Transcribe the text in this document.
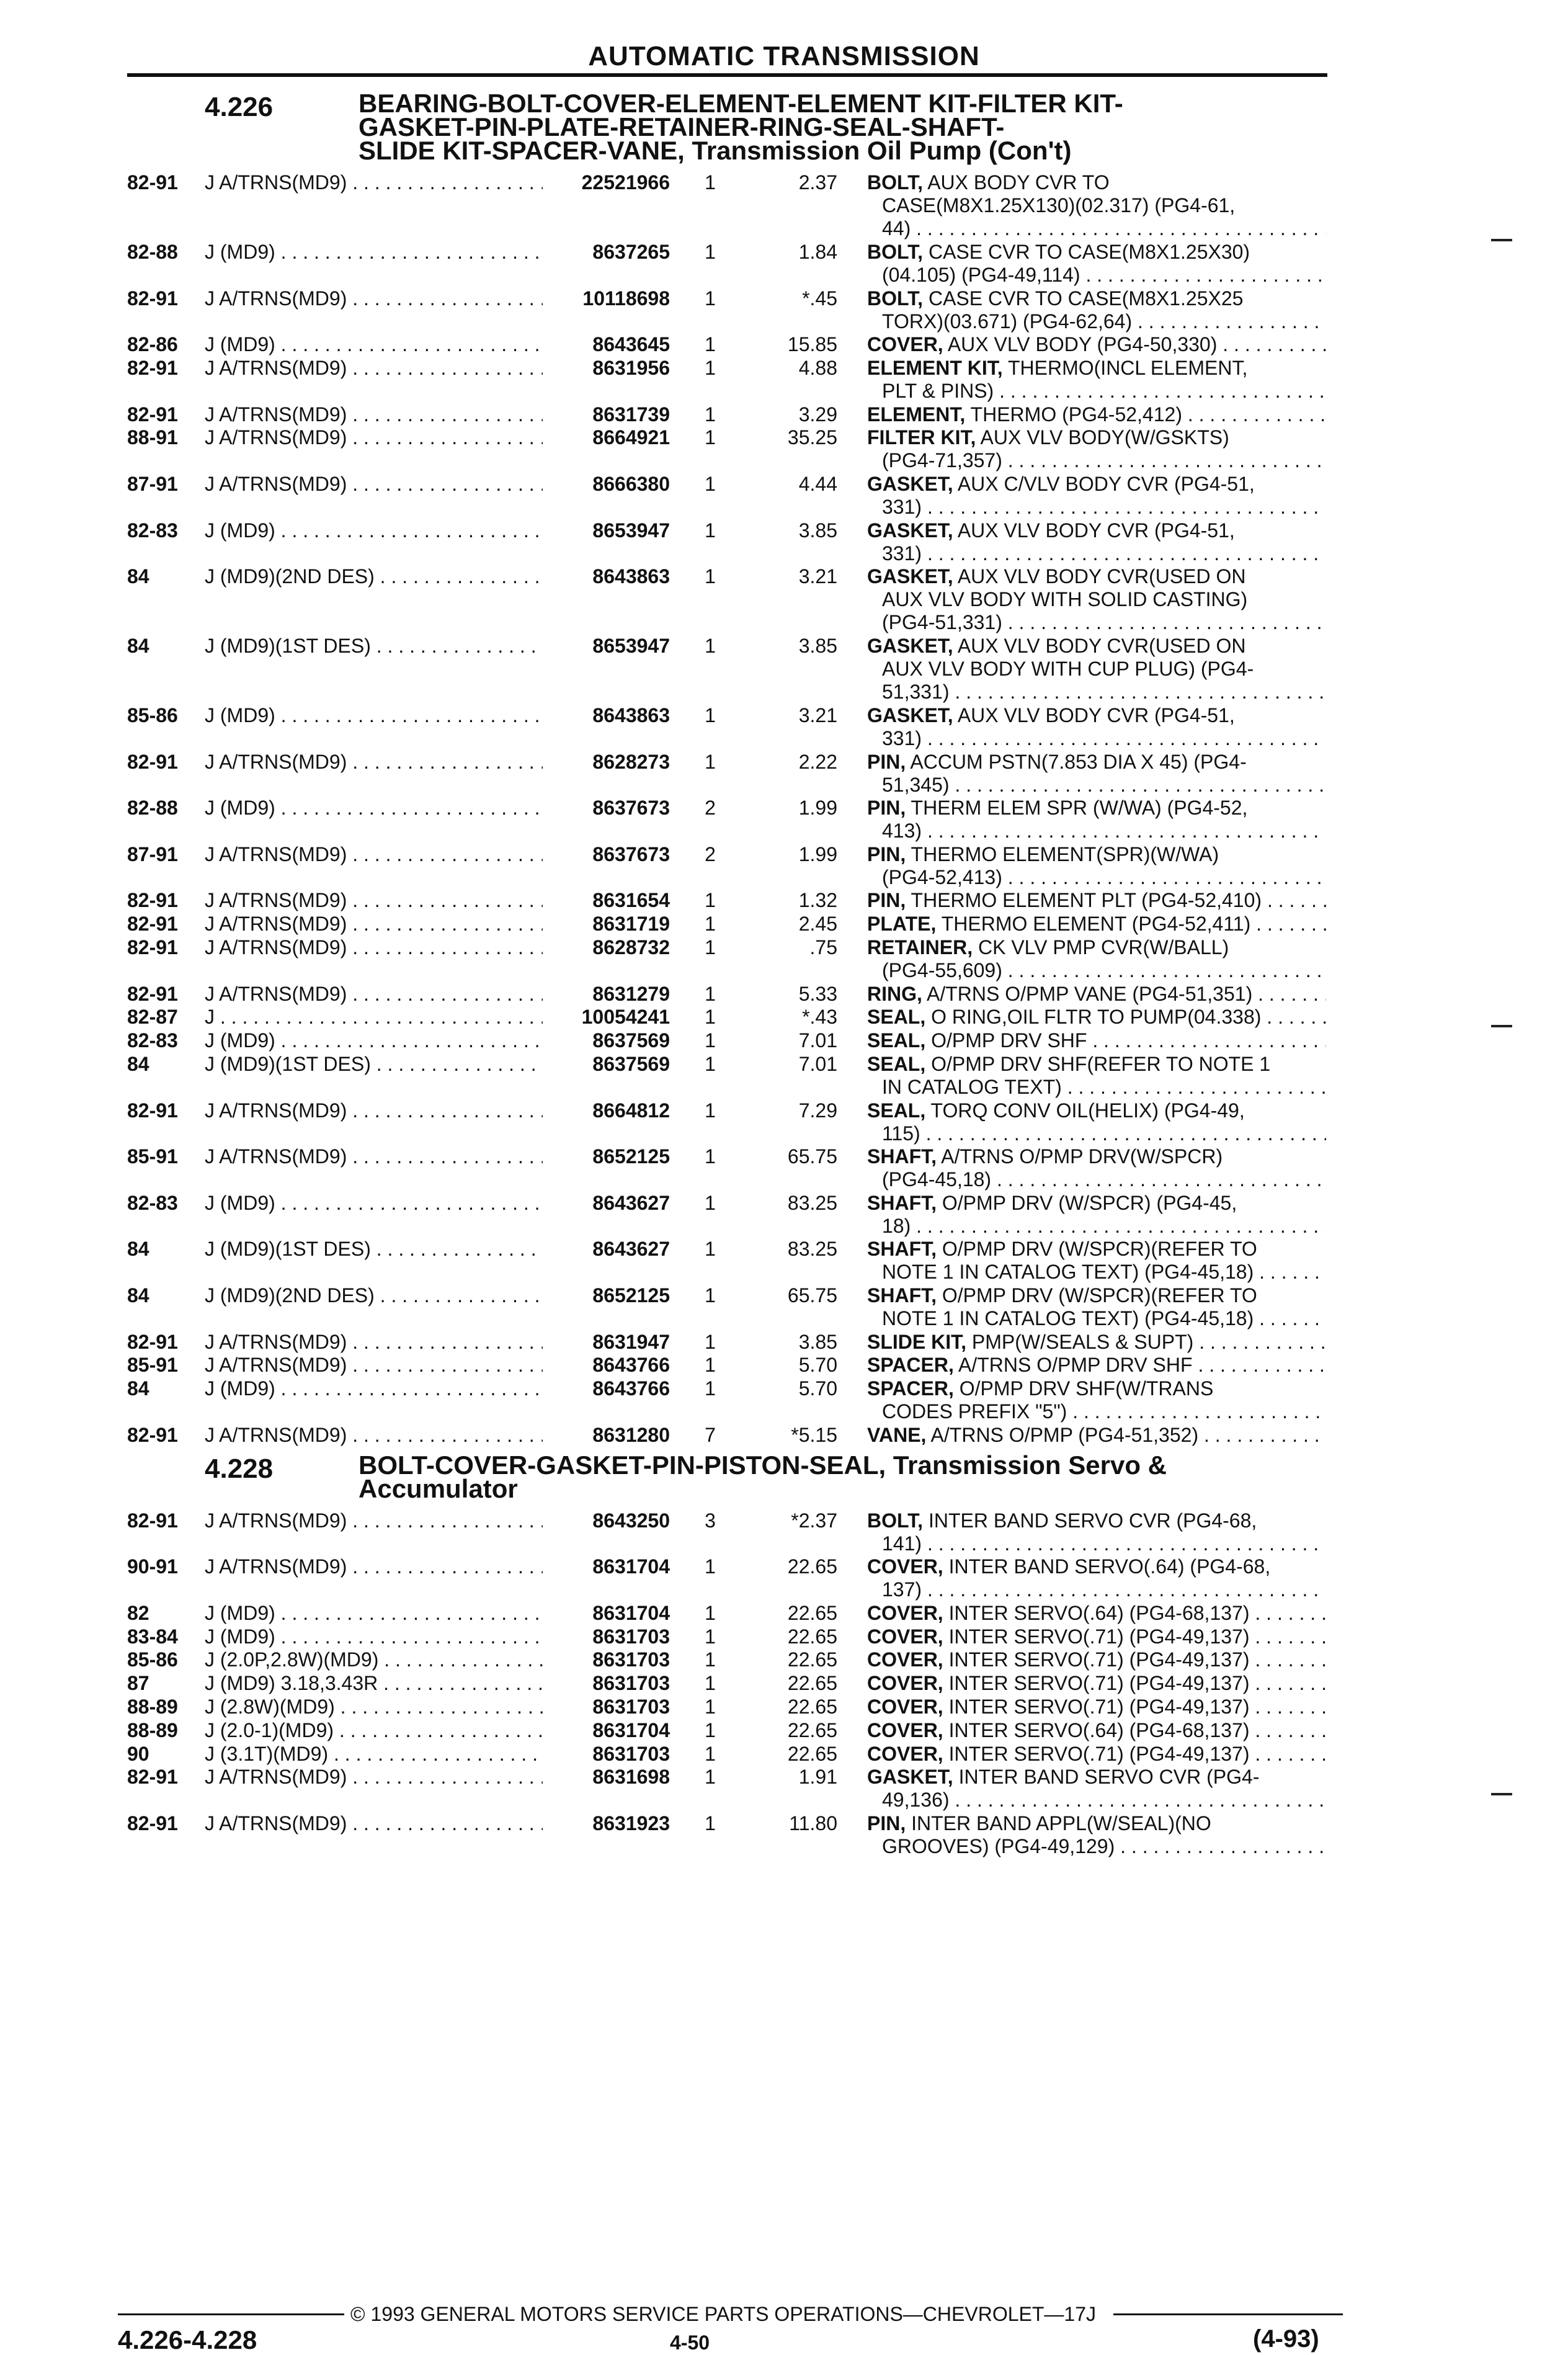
AUTOMATIC TRANSMISSION
4.226	BEARING-BOLT-COVER-ELEMENT-ELEMENT KIT-FILTER KIT-
GASKET-PIN-PLATE-RETAINER-RING-SEAL-SHAFT-
SLIDE KIT-SPACER-VANE, Transmission Oil Pump (Con't)
82-91 J A/TRNS(MD9) . . .	22521966	1	2.37 BOLT, AUX BODY CVR TO
CASE(M8X1.25X130)(02.317) (PG4-61,
44) . . .
82-88 J (MD9) . . .	8637265	1	1.84 BOLT, CASE CVR TO CASE(M8X1.25X30)
(04.105) (PG4-49,114) . . .
82-91 J A/TRNS(MD9) . . .	10118698	1	*.45 BOLT, CASE CVR TO CASE(M8X1.25X25
TORX)(03.671) (PG4-62,64) . . .
82-86 J (MD9) . . .	8643645	1	15.85 COVER, AUX VLV BODY (PG4-50,330) . . .
82-91 J A/TRNS(MD9) . . .	8631956	1	4.88 ELEMENT KIT, THERMO(INCL ELEMENT,
PLT & PINS) . . .
82-91 J A/TRNS(MD9) . . .	8631739	1	3.29 ELEMENT, THERMO (PG4-52,412) . . .
88-91 J A/TRNS(MD9) . . .	8664921	1	35.25 FILTER KIT, AUX VLV BODY(W/GSKTS)
(PG4-71,357) . . .
87-91 J A/TRNS(MD9) . . .	8666380	1	4.44 GASKET, AUX C/VLV BODY CVR (PG4-51,
331) . . .
82-83 J (MD9) . . .	8653947	1	3.85 GASKET, AUX VLV BODY CVR (PG4-51,
331) . . .
84	J (MD9)(2ND DES) . . .	8643863	1	3.21 GASKET, AUX VLV BODY CVR(USED ON
AUX VLV BODY WITH SOLID CASTING)
(PG4-51,331) . . .
84	J (MD9)(1ST DES) . . .	8653947	1	3.85 GASKET, AUX VLV BODY CVR(USED ON
AUX VLV BODY WITH CUP PLUG) (PG4-
51,331) . . .
85-86 J (MD9) . . .	8643863	1	3.21 GASKET, AUX VLV BODY CVR (PG4-51,
331) . . .
82-91 J A/TRNS(MD9) . . .	8628273	1	2.22 PIN, ACCUM PSTN(7.853 DIA X 45) (PG4-
51,345) . . .
82-88 J (MD9) . . .	8637673	2	1.99 PIN, THERM ELEM SPR (W/WA) (PG4-52,
413) . . .
87-91 J A/TRNS(MD9) . . .	8637673	2	1.99 PIN, THERMO ELEMENT(SPR)(W/WA)
(PG4-52,413) . . .
82-91 J A/TRNS(MD9) . . .	8631654	1	1.32 PIN, THERMO ELEMENT PLT (PG4-52,410) . . .
82-91 J A/TRNS(MD9) . . .	8631719	1	2.45 PLATE, THERMO ELEMENT (PG4-52,411) . . .
82-91 J A/TRNS(MD9) . . .	8628732	1	.75 RETAINER, CK VLV PMP CVR(W/BALL)
(PG4-55,609) . . .
82-91 J A/TRNS(MD9) . . .	8631279	1	5.33 RING, A/TRNS O/PMP VANE (PG4-51,351) . . .
82-87 J . . .	10054241	1	*.43 SEAL, O RING,OIL FLTR TO PUMP(04.338) . . .
82-83 J (MD9) . . .	8637569	1	7.01 SEAL, O/PMP DRV SHF . . .
84	J (MD9)(1ST DES) . . .	8637569	1	7.01 SEAL, O/PMP DRV SHF(REFER TO NOTE 1
IN CATALOG TEXT) . . .
82-91 J A/TRNS(MD9) . . .	8664812	1	7.29 SEAL, TORQ CONV OIL(HELIX) (PG4-49,
115) . . .
85-91 J A/TRNS(MD9) . . .	8652125	1	65.75 SHAFT, A/TRNS O/PMP DRV(W/SPCR)
(PG4-45,18) . . .
82-83 J (MD9) . . .	8643627	1	83.25 SHAFT, O/PMP DRV (W/SPCR) (PG4-45,
18) . . .
84	J (MD9)(1ST DES) . . .	8643627	1	83.25 SHAFT, O/PMP DRV (W/SPCR)(REFER TO
NOTE 1 IN CATALOG TEXT) (PG4-45,18) . . .
84	J (MD9)(2ND DES) . . .	8652125	1	65.75 SHAFT, O/PMP DRV (W/SPCR)(REFER TO
NOTE 1 IN CATALOG TEXT) (PG4-45,18) . . .
82-91 J A/TRNS(MD9) . . .	8631947	1	3.85 SLIDE KIT, PMP(W/SEALS & SUPT) . . .
85-91 J A/TRNS(MD9) . . .	8643766	1	5.70 SPACER, A/TRNS O/PMP DRV SHF . . .
84	J (MD9) . . .	8643766	1	5.70 SPACER, O/PMP DRV SHF(W/TRANS
CODES PREFIX "5") . . .
82-91 J A/TRNS(MD9) . . .	8631280	7	*5.15 VANE, A/TRNS O/PMP (PG4-51,352) . . .
4.228	BOLT-COVER-GASKET-PIN-PISTON-SEAL, Transmission Servo &
Accumulator
82-91 J A/TRNS(MD9) . . .	8643250	3	*2.37 BOLT, INTER BAND SERVO CVR (PG4-68,
141) . . .
90-91 J A/TRNS(MD9) . . .	8631704	1	22.65 COVER, INTER BAND SERVO(.64) (PG4-68,
137) . . .
82	J (MD9) . . .	8631704	1	22.65 COVER, INTER SERVO(.64) (PG4-68,137) . . .
83-84 J (MD9) . . .	8631703	1	22.65 COVER, INTER SERVO(.71) (PG4-49,137) . . .
85-86 J (2.0P,2.8W)(MD9) . . .	8631703	1	22.65 COVER, INTER SERVO(.71) (PG4-49,137) . . .
87	J (MD9) 3.18,3.43R . . .	8631703	1	22.65 COVER, INTER SERVO(.71) (PG4-49,137) . . .
88-89 J (2.8W)(MD9) . . .	8631703	1	22.65 COVER, INTER SERVO(.71) (PG4-49,137) . . .
88-89 J (2.0-1)(MD9) . . .	8631704	1	22.65 COVER, INTER SERVO(.64) (PG4-68,137) . . .
90	J (3.1T)(MD9) . . .	8631703	1	22.65 COVER, INTER SERVO(.71) (PG4-49,137) . . .
82-91 J A/TRNS(MD9) . . .	8631698	1	1.91 GASKET, INTER BAND SERVO CVR (PG4-
49,136) . . .
82-91 J A/TRNS(MD9) . . .	8631923	1	11.80 PIN, INTER BAND APPL(W/SEAL)(NO
GROOVES) (PG4-49,129) . . .
© 1993 GENERAL MOTORS SERVICE PARTS OPERATIONS—CHEVROLET—17J
4.226-4.228	4-50	(4-93)
